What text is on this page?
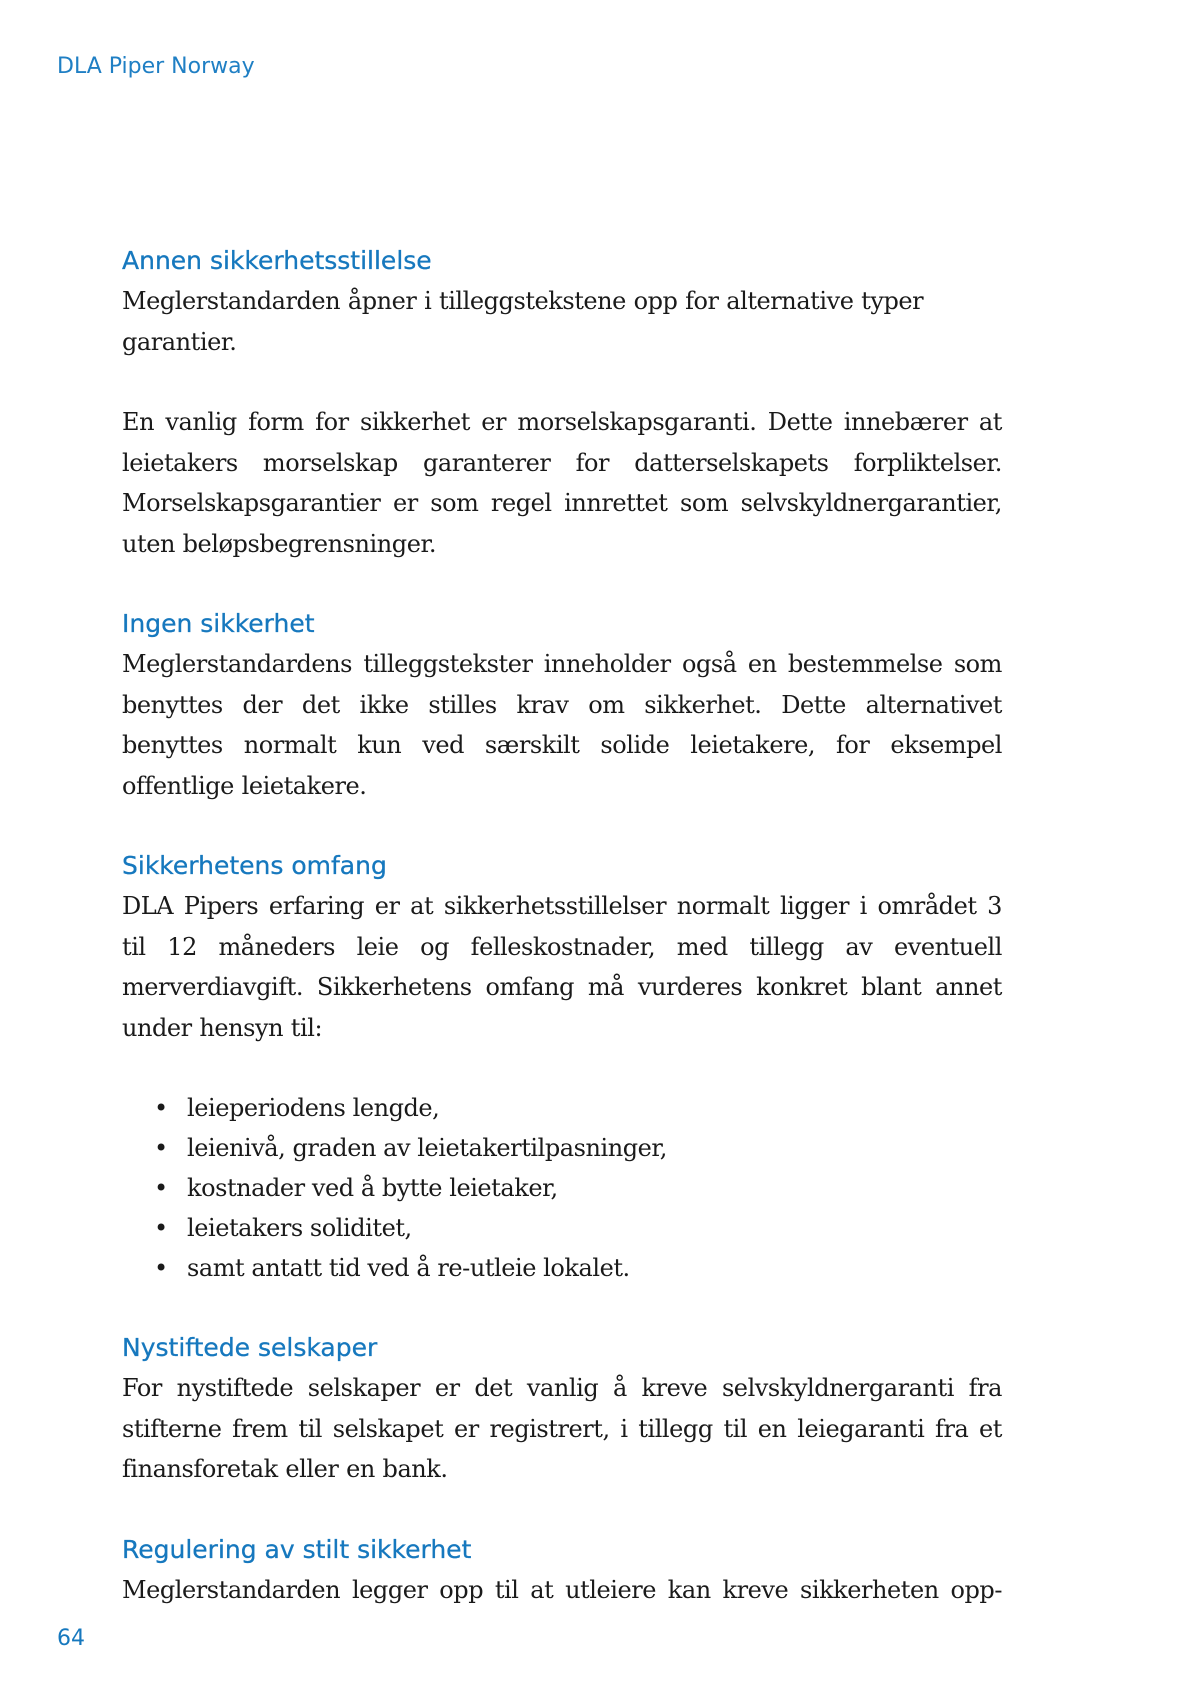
DLA Piper Norway
Annen sikkerhetsstillelse

Meglerstandarden åpner i tilleggstekstene opp for alternative typer garantier.

En vanlig form for sikkerhet er morselskapsgaranti. Dette innebærer at leietakers morselskap garanterer for datterselskapets forpliktelser. Morselskapsgarantier er som regel innrettet som selvskyldnergarantier, uten beløpsbegrensninger.

Ingen sikkerhet

Meglerstandardens tilleggstekster inneholder også en bestemmelse som benyttes der det ikke stilles krav om sikkerhet. Dette alternativet benyttes normalt kun ved særskilt solide leietakere, for eksempel offentlige leietakere.

Sikkerhetens omfang

DLA Pipers erfaring er at sikkerhetsstillelser normalt ligger i området 3 til 12 måneders leie og felleskostnader, med tillegg av eventuell merverdiavgift. Sikkerhetens omfang må vurderes konkret blant annet under hensyn til:

• leieperiodens lengde,
• leienivå, graden av leietakertilpasninger,
• kostnader ved å bytte leietaker,
• leietakers soliditet,
• samt antatt tid ved å re-utleie lokalet.
Nystiftede selskaper

For nystiftede selskaper er det vanlig å kreve selvskyldnergaranti fra stifterne frem til selskapet er registrert, i tillegg til en leiegaranti fra et finansforetak eller en bank.

Regulering av stilt sikkerhet

Meglerstandarden legger opp til at utleiere kan kreve sikkerheten opp-

64
